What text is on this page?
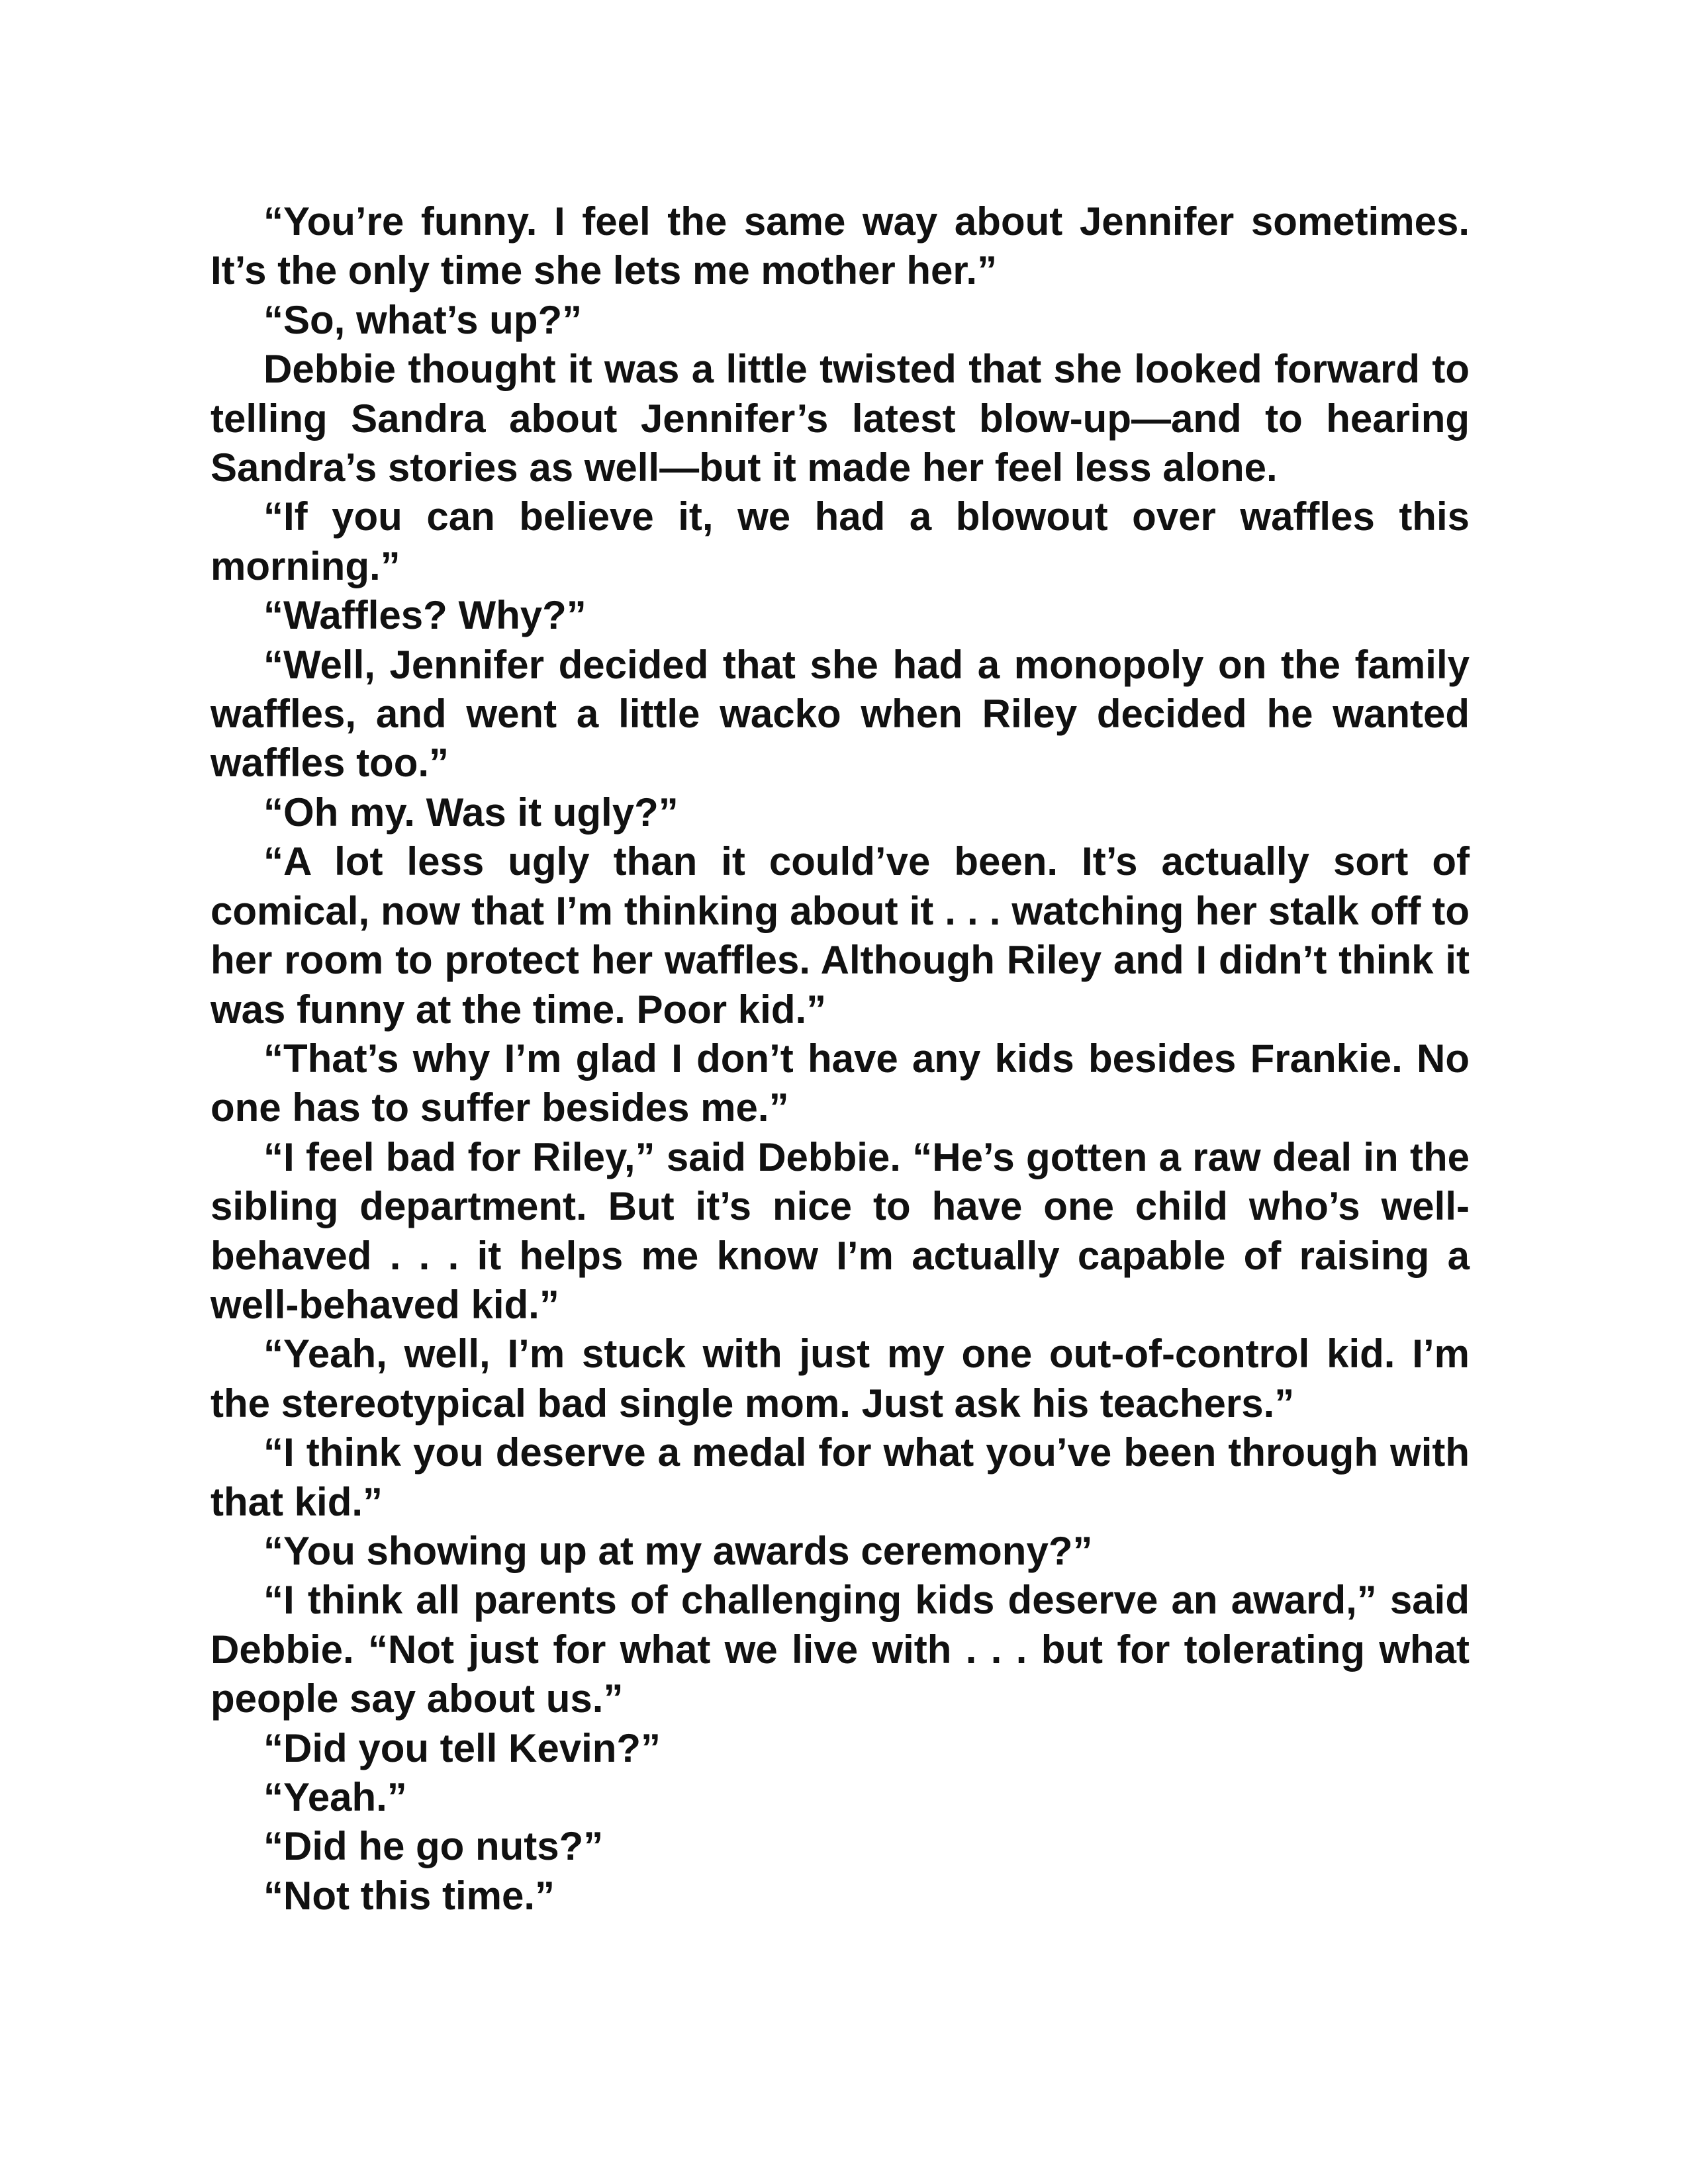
“You’re funny. I feel the same way about Jennifer sometimes. It’s the only time she lets me mother her.”

“So, what’s up?”

Debbie thought it was a little twisted that she looked forward to telling Sandra about Jennifer’s latest blow-up—and to hearing Sandra’s stories as well—but it made her feel less alone.

“If you can believe it, we had a blowout over waffles this morning.”

“Waffles? Why?”

“Well, Jennifer decided that she had a monopoly on the family waffles, and went a little wacko when Riley decided he wanted waffles too.”

“Oh my. Was it ugly?”

“A lot less ugly than it could’ve been. It’s actually sort of comical, now that I’m thinking about it . . . watching her stalk off to her room to protect her waffles. Although Riley and I didn’t think it was funny at the time. Poor kid.”

“That’s why I’m glad I don’t have any kids besides Frankie. No one has to suffer besides me.”

“I feel bad for Riley,” said Debbie. “He’s gotten a raw deal in the sibling department. But it’s nice to have one child who’s well-behaved . . . it helps me know I’m actually capable of raising a well-behaved kid.”

“Yeah, well, I’m stuck with just my one out-of-control kid. I’m the stereotypical bad single mom. Just ask his teachers.”

“I think you deserve a medal for what you’ve been through with that kid.”

“You showing up at my awards ceremony?”

“I think all parents of challenging kids deserve an award,” said Debbie. “Not just for what we live with . . . but for tolerating what people say about us.”

“Did you tell Kevin?”

“Yeah.”

“Did he go nuts?”

“Not this time.”
